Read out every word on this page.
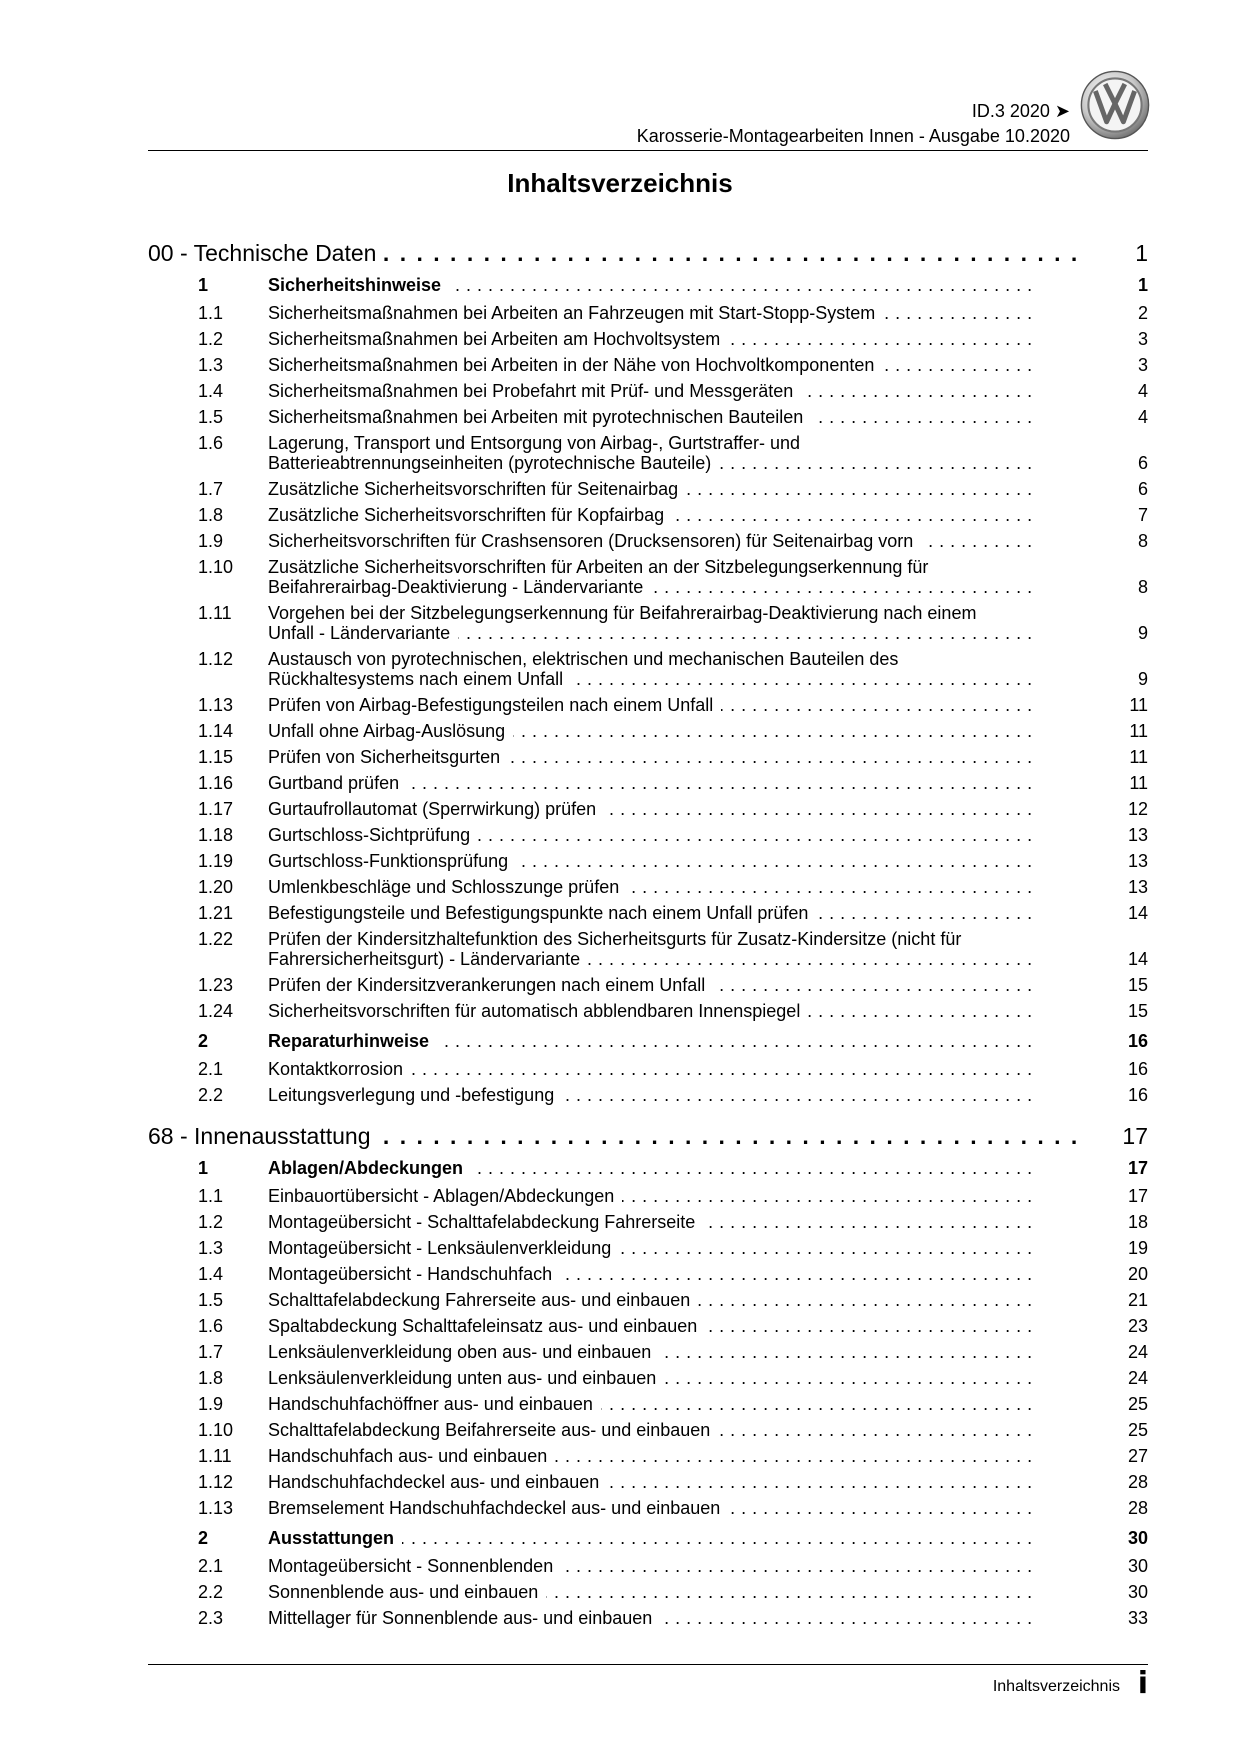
ID.3 2020 ➤
Karosserie-Montagearbeiten Innen - Ausgabe 10.2020
Inhaltsverzeichnis
00 - Technische Daten . . .	1
1	Sicherheitshinweise . . .	1
1.1 Sicherheitsmaßnahmen bei Arbeiten an Fahrzeugen mit Start-Stopp-System . . .	2
1.2 Sicherheitsmaßnahmen bei Arbeiten am Hochvoltsystem . . .	3
1.3 Sicherheitsmaßnahmen bei Arbeiten in der Nähe von Hochvoltkomponenten . . .	3
1.4 Sicherheitsmaßnahmen bei Probefahrt mit Prüf- und Messgeräten . . .	4
1.5 Sicherheitsmaßnahmen bei Arbeiten mit pyrotechnischen Bauteilen . . .	4
1.6 Lagerung, Transport und Entsorgung von Airbag-, Gurtstraffer- und
Batterieabtrennungseinheiten (pyrotechnische Bauteile) . . .	6
1.7 Zusätzliche Sicherheitsvorschriften für Seitenairbag . . .	6
1.8 Zusätzliche Sicherheitsvorschriften für Kopfairbag . . .	7
1.9 Sicherheitsvorschriften für Crashsensoren (Drucksensoren) für Seitenairbag vorn . . .	8
1.10 Zusätzliche Sicherheitsvorschriften für Arbeiten an der Sitzbelegungserkennung für
Beifahrerairbag-Deaktivierung - Ländervariante . . .	8
1.11 Vorgehen bei der Sitzbelegungserkennung für Beifahrerairbag-Deaktivierung nach einem
Unfall - Ländervariante . . .	9
1.12 Austausch von pyrotechnischen, elektrischen und mechanischen Bauteilen des
Rückhaltesystems nach einem Unfall . . .	9
1.13 Prüfen von Airbag-Befestigungsteilen nach einem Unfall . . .	11
1.14 Unfall ohne Airbag-Auslösung . . .	11
1.15 Prüfen von Sicherheitsgurten . . .	11
1.16 Gurtband prüfen . . .	11
1.17 Gurtaufrollautomat (Sperrwirkung) prüfen . . .	12
1.18 Gurtschloss-Sichtprüfung . . .	13
1.19 Gurtschloss-Funktionsprüfung . . .	13
1.20 Umlenkbeschläge und Schlosszunge prüfen . . .	13
1.21 Befestigungsteile und Befestigungspunkte nach einem Unfall prüfen . . .	14
1.22 Prüfen der Kindersitzhaltefunktion des Sicherheitsgurts für Zusatz-Kindersitze (nicht für
Fahrersicherheitsgurt) - Ländervariante . . .	14
1.23 Prüfen der Kindersitzverankerungen nach einem Unfall . . .	15
1.24 Sicherheitsvorschriften für automatisch abblendbaren Innenspiegel . . .	15
2	Reparaturhinweise . . .	16
2.1 Kontaktkorrosion . . .	16
2.2 Leitungsverlegung und -befestigung . . .	16
68 - Innenausstattung . . .	17
1	Ablagen/Abdeckungen . . .	17
1.1 Einbauortübersicht - Ablagen/Abdeckungen . . .	17
1.2 Montageübersicht - Schalttafelabdeckung Fahrerseite . . .	18
1.3 Montageübersicht - Lenksäulenverkleidung . . .	19
1.4 Montageübersicht - Handschuhfach . . .	20
1.5 Schalttafelabdeckung Fahrerseite aus- und einbauen . . .	21
1.6 Spaltabdeckung Schalttafeleinsatz aus- und einbauen . . .	23
1.7 Lenksäulenverkleidung oben aus- und einbauen . . .	24
1.8 Lenksäulenverkleidung unten aus- und einbauen . . .	24
1.9 Handschuhfachöffner aus- und einbauen . . .	25
1.10 Schalttafelabdeckung Beifahrerseite aus- und einbauen . . .	25
1.11 Handschuhfach aus- und einbauen . . .	27
1.12 Handschuhfachdeckel aus- und einbauen . . .	28
1.13 Bremselement Handschuhfachdeckel aus- und einbauen . . .	28
2	Ausstattungen . . .	30
2.1 Montageübersicht - Sonnenblenden . . .	30
2.2 Sonnenblende aus- und einbauen . . .	30
2.3 Mittellager für Sonnenblende aus- und einbauen . . .	33
Inhaltsverzeichnis i
